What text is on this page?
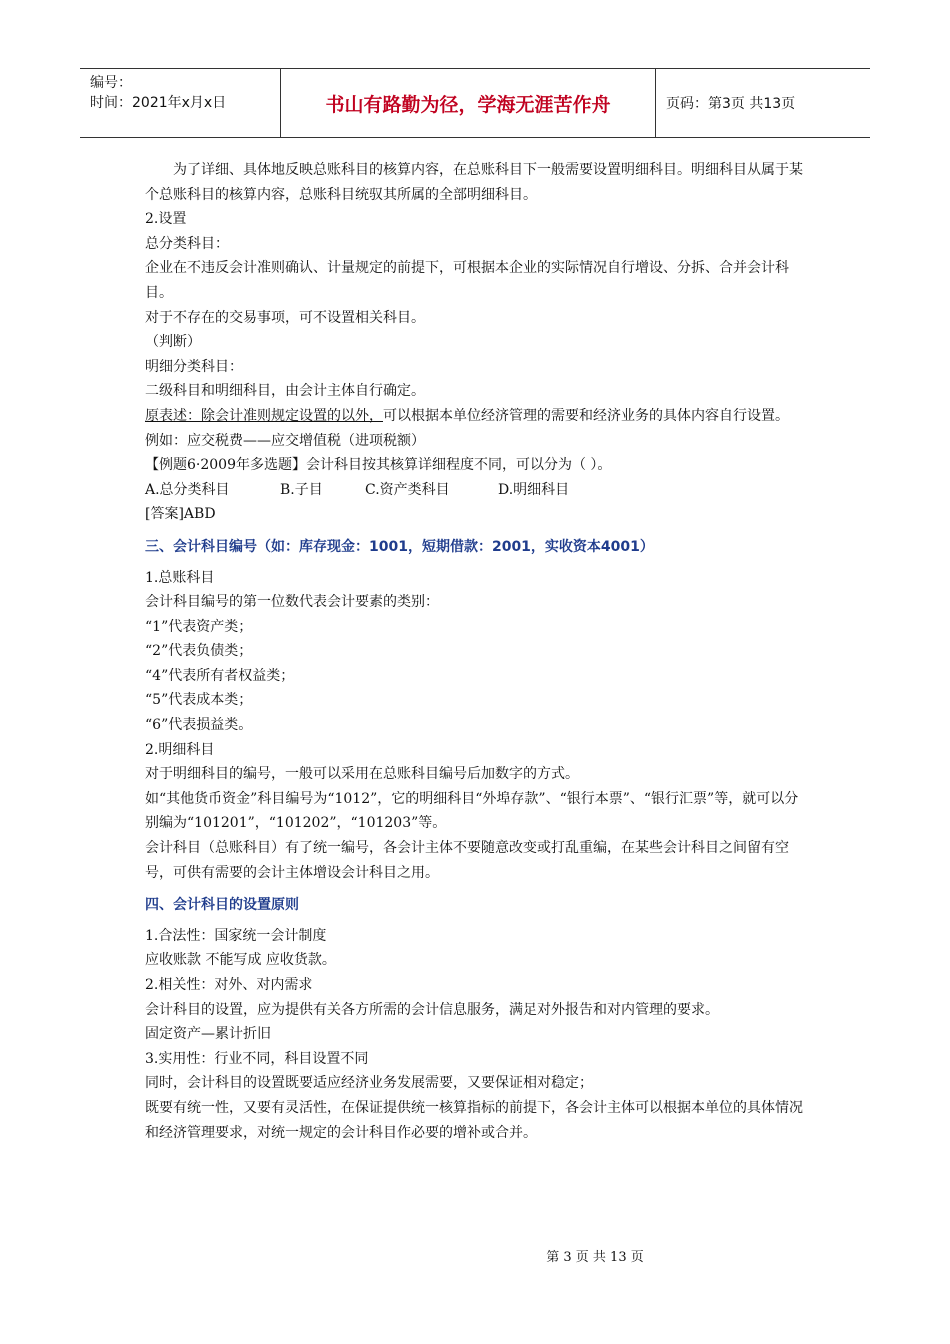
编号：
时间：2021年x月x日	书山有路勤为径，学海无涯苦作舟	页码：第3页 共13页

为了详细、具体地反映总账科目的核算内容，在总账科目下一般需要设置明细科目。明细科目从属于某个总账科目的核算内容，总账科目统驭其所属的全部明细科目。

2.设置

总分类科目：

企业在不违反会计准则确认、计量规定的前提下，可根据本企业的实际情况自行增设、分拆、合并会计科目。

对于不存在的交易事项，可不设置相关科目。

（判断）

明细分类科目：

二级科目和明细科目，由会计主体自行确定。

原表述：除会计准则规定设置的以外，可以根据本单位经济管理的需要和经济业务的具体内容自行设置。

例如：应交税费——应交增值税（进项税额）

【例题6·2009年多选题】会计科目按其核算详细程度不同，可以分为（ ）。

A.总分类科目	B.子目	C.资产类科目	D.明细科目

[答案]ABD

三、会计科目编号（如：库存现金：1001，短期借款：2001，实收资本4001）

1.总账科目

会计科目编号的第一位数代表会计要素的类别：

“1”代表资产类；

“2”代表负债类；

“4”代表所有者权益类；

“5”代表成本类；

“6”代表损益类。

2.明细科目

对于明细科目的编号，一般可以采用在总账科目编号后加数字的方式。

如“其他货币资金”科目编号为“1012”，它的明细科目“外埠存款”、“银行本票”、“银行汇票”等，就可以分别编为“101201”，“101202”，“101203”等。

会计科目（总账科目）有了统一编号，各会计主体不要随意改变或打乱重编，在某些会计科目之间留有空号，可供有需要的会计主体增设会计科目之用。

四、会计科目的设置原则

1.合法性：国家统一会计制度

应收账款 不能写成 应收货款。

2.相关性：对外、对内需求

会计科目的设置，应为提供有关各方所需的会计信息服务，满足对外报告和对内管理的要求。

固定资产—累计折旧

3.实用性：行业不同，科目设置不同

同时，会计科目的设置既要适应经济业务发展需要，又要保证相对稳定；

既要有统一性，又要有灵活性，在保证提供统一核算指标的前提下，各会计主体可以根据本单位的具体情况和经济管理要求，对统一规定的会计科目作必要的增补或合并。

第 3 页 共 13 页
